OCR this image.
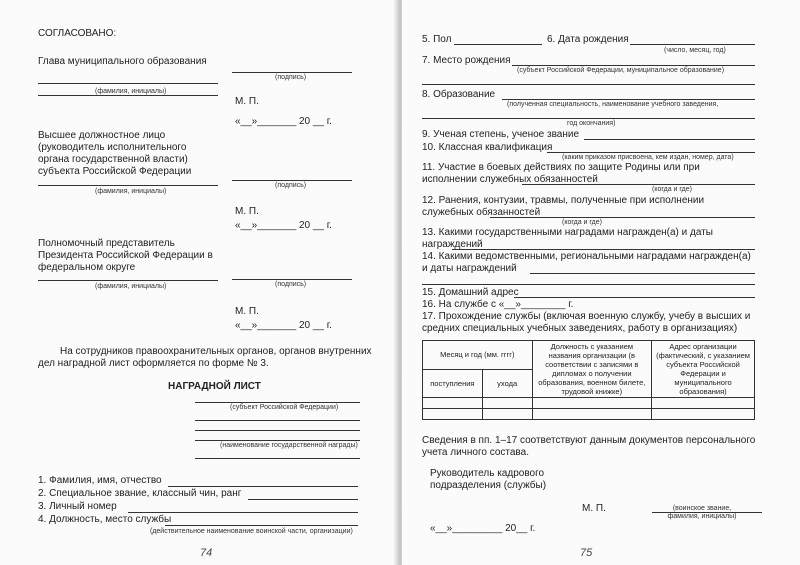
СОГЛАСОВАНО:
Глава муниципального образования
(подпись)
(фамилия, инициалы)
М. П.
«__»_______ 20 __ г.
Высшее должностное лицо (руководитель исполнительного органа государственной власти) субъекта Российской Федерации
(фамилия, инициалы)
(подпись)
М. П.
«__»_______ 20 __ г.
Полномочный представитель Президента Российской Федерации в федеральном округе
(фамилия, инициалы)	(подпись)
М. П.
«__»_______ 20 __ г.
На сотрудников правоохранительных органов, органов внутренних дел наградной лист оформляется по форме № 3.
НАГРАДНОЙ ЛИСТ
(субъект Российской Федерации)
(наименование государственной награды)
1. Фамилия, имя, отчество
2. Специальное звание, классный чин, ранг
3. Личный номер
4. Должность, место службы
(действительное наименование воинской части, организации)
74
5. Пол	6. Дата рождения
(число, месяц, год)
7. Место рождения
(субъект Российской Федерации, муниципальное образование)
8. Образование
(полученная специальность, наименование учебного заведения,
год окончания)
9. Ученая степень, ученое звание
10. Классная квалификация
(каким приказом присвоена, кем издан, номер, дата)
11. Участие в боевых действиях по защите Родины или при исполнении служебных обязанностей
(когда и где)
12. Ранения, контузии, травмы, полученные при исполнении служебных обязанностей
(когда и где)
13. Какими государственными наградами награжден(а) и даты награждений
14. Какими ведомственными, региональными наградами награжден(а) и даты награждений
15. Домашний адрес
16. На службе с «__»________ г.
17. Прохождение службы (включая военную службу, учебу в высших и средних специальных учебных заведениях, работу в организациях)
Месяц и год (мм. гггг)		Должность с указанием названия организации (в соответствии с записями в дипломах о получении образования, военном билете, трудовой книжке)	Адрес организации (фактический, с указанием субъекта Российской Федерации и муниципального образования)
поступления	ухода		

Сведения в пп. 1–17 соответствуют данным документов персонального учета личного состава.
Руководитель кадрового подразделения (службы)
М. П.	(воинское звание, фамилия, инициалы)
«__»_________ 20__ г.
75
